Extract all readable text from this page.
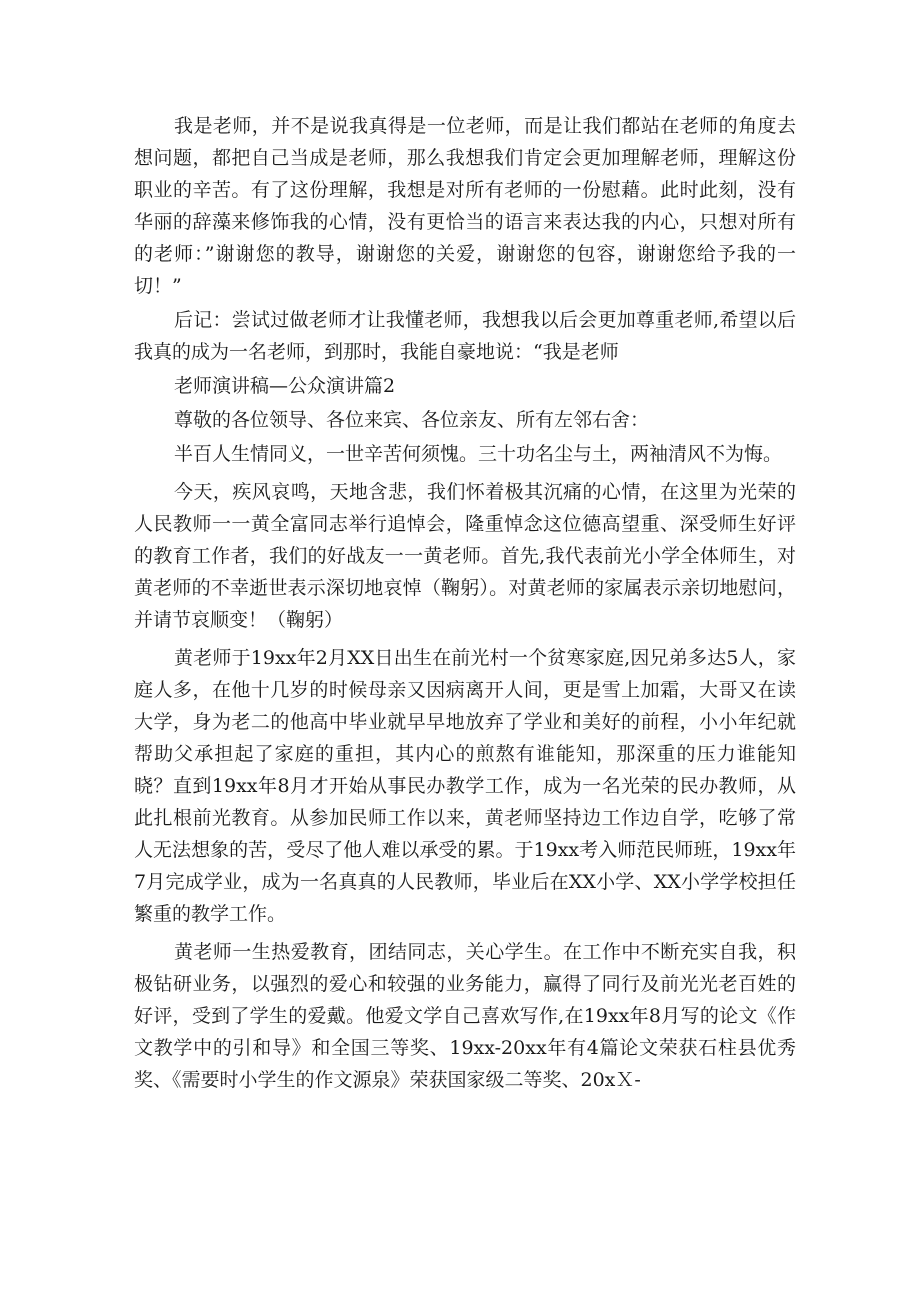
我是老师，并不是说我真得是一位老师，而是让我们都站在老师的角度去想问题，都把自己当成是老师，那么我想我们肯定会更加理解老师，理解这份职业的辛苦。有了这份理解，我想是对所有老师的一份慰藉。此时此刻，没有华丽的辞藻来修饰我的心情，没有更恰当的语言来表达我的内心，只想对所有的老师：”谢谢您的教导，谢谢您的关爱，谢谢您的包容，谢谢您给予我的一切！”

后记：尝试过做老师才让我懂老师，我想我以后会更加尊重老师,希望以后我真的成为一名老师，到那时，我能自豪地说：“我是老师

老师演讲稿—公众演讲篇2

尊敬的各位领导、各位来宾、各位亲友、所有左邻右舍：

半百人生情同义，一世辛苦何须愧。三十功名尘与土，两袖清风不为悔。

今天，疾风哀鸣，天地含悲，我们怀着极其沉痛的心情，在这里为光荣的人民教师一一黄全富同志举行追悼会，隆重悼念这位德高望重、深受师生好评的教育工作者，我们的好战友一一黄老师。首先,我代表前光小学全体师生，对黄老师的不幸逝世表示深切地哀悼（鞠躬）。对黄老师的家属表示亲切地慰问，并请节哀顺变！（鞠躬）

黄老师于19xx年2月XX日出生在前光村一个贫寒家庭,因兄弟多达5人，家庭人多，在他十几岁的时候母亲又因病离开人间，更是雪上加霜，大哥又在读大学，身为老二的他高中毕业就早早地放弃了学业和美好的前程，小小年纪就帮助父承担起了家庭的重担，其内心的煎熬有谁能知，那深重的压力谁能知晓？直到19xx年8月才开始从事民办教学工作，成为一名光荣的民办教师，从此扎根前光教育。从参加民师工作以来，黄老师坚持边工作边自学，吃够了常人无法想象的苦，受尽了他人难以承受的累。于19xx考入师范民师班，19xx年7月完成学业，成为一名真真的人民教师，毕业后在XX小学、XX小学学校担任繁重的教学工作。

黄老师一生热爱教育，团结同志，关心学生。在工作中不断充实自我，积极钻研业务，以强烈的爱心和较强的业务能力，赢得了同行及前光光老百姓的好评，受到了学生的爱戴。他爱文学自己喜欢写作,在19xx年8月写的论文《作文教学中的引和导》和全国三等奖、19xx-20xx年有4篇论文荣获石柱县优秀奖、《需要时小学生的作文源泉》荣获国家级二等奖、20xＸ-
